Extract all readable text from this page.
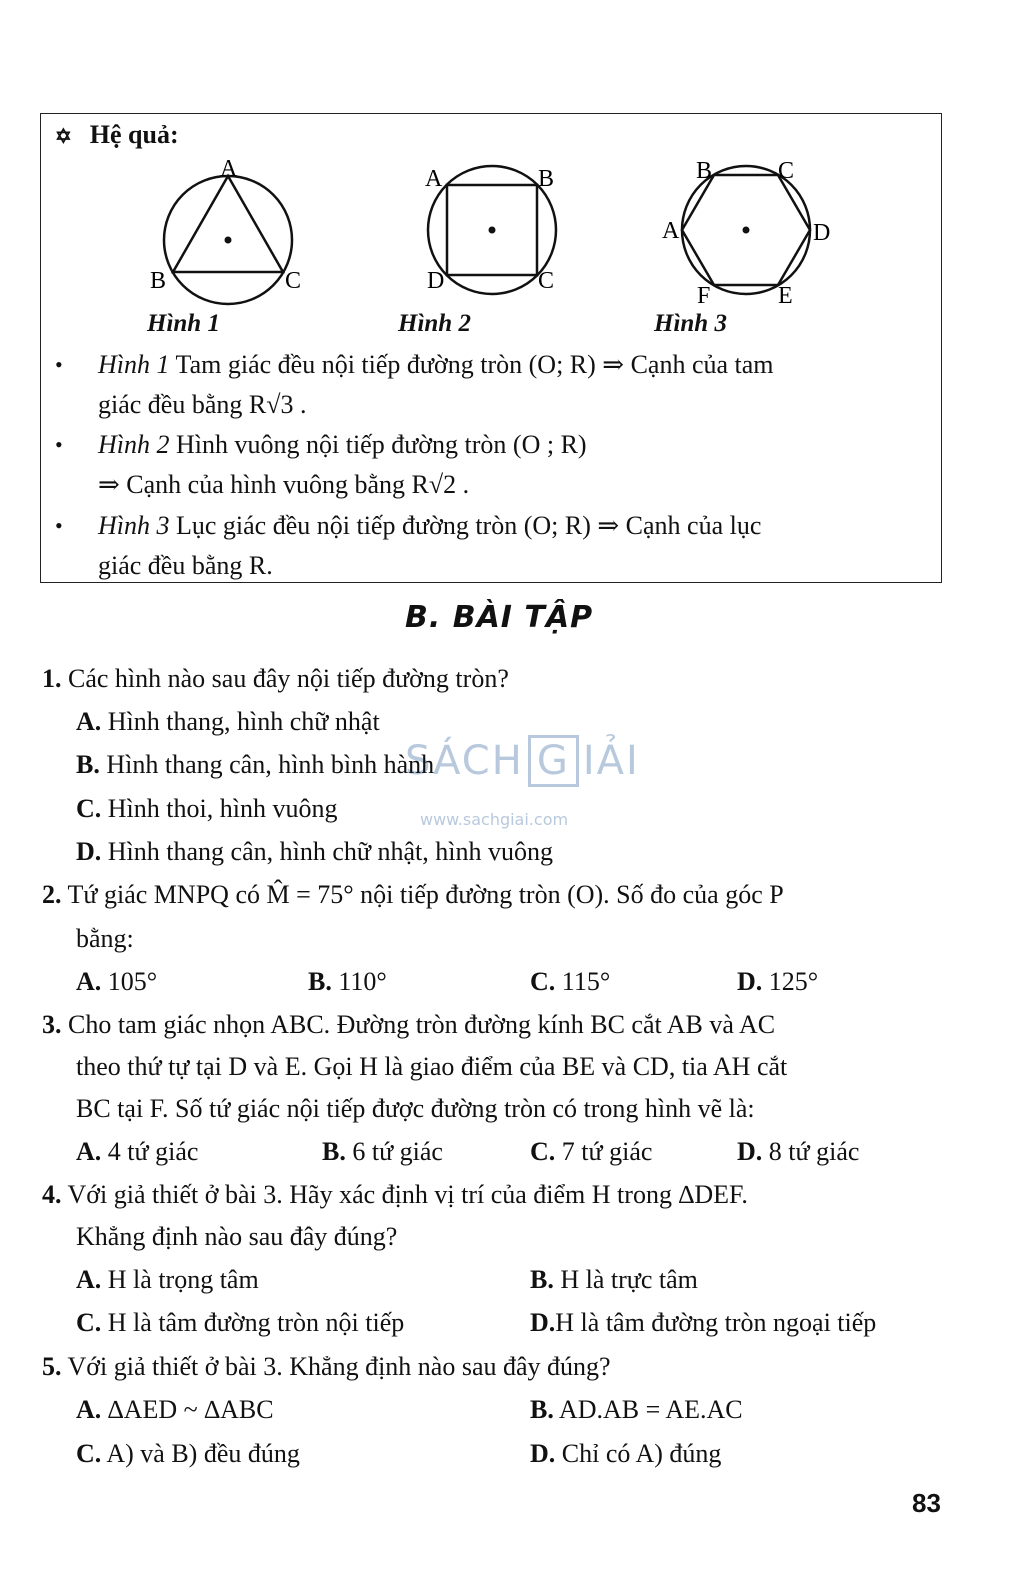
✡ Hệ quả:
A
B	C
A	B
C
D
B	C
A	D
F	E
Hình 1	Hình 2	Hình 3
• Hình 1 Tam giác đều nội tiếp đường tròn (O; R) ⇒ Cạnh của tam
giác đều bằng R√3 .
• Hình 2 Hình vuông nội tiếp đường tròn (O ; R)
⇒ Cạnh của hình vuông bằng R√2 .
• Hình 3 Lục giác đều nội tiếp đường tròn (O; R) ⇒ Cạnh của lục
giác đều bằng R.
B. BÀI TẬP
SÁCH G IẢI
www.sachgiai.com
1. Các hình nào sau đây nội tiếp đường tròn?
A. Hình thang, hình chữ nhật
B. Hình thang cân, hình bình hành
C. Hình thoi, hình vuông
D. Hình thang cân, hình chữ nhật, hình vuông
2. Tứ giác MNPQ có M̂ = 75° nội tiếp đường tròn (O). Số đo của góc P
bằng:
A. 105°	B. 110°	C. 115°	D. 125°
3. Cho tam giác nhọn ABC. Đường tròn đường kính BC cắt AB và AC
theo thứ tự tại D và E. Gọi H là giao điểm của BE và CD, tia AH cắt
BC tại F. Số tứ giác nội tiếp được đường tròn có trong hình vẽ là:
A. 4 tứ giác	B. 6 tứ giác	C. 7 tứ giác	D. 8 tứ giác
4. Với giả thiết ở bài 3. Hãy xác định vị trí của điểm H trong ∆DEF.
Khẳng định nào sau đây đúng?
A. H là trọng tâm	B. H là trực tâm
C. H là tâm đường tròn nội tiếp	D.H là tâm đường tròn ngoại tiếp
5. Với giả thiết ở bài 3. Khẳng định nào sau đây đúng?
A. ∆AED ~ ∆ABC	B. AD.AB = AE.AC
C. A) và B) đều đúng	D. Chỉ có A) đúng
83
